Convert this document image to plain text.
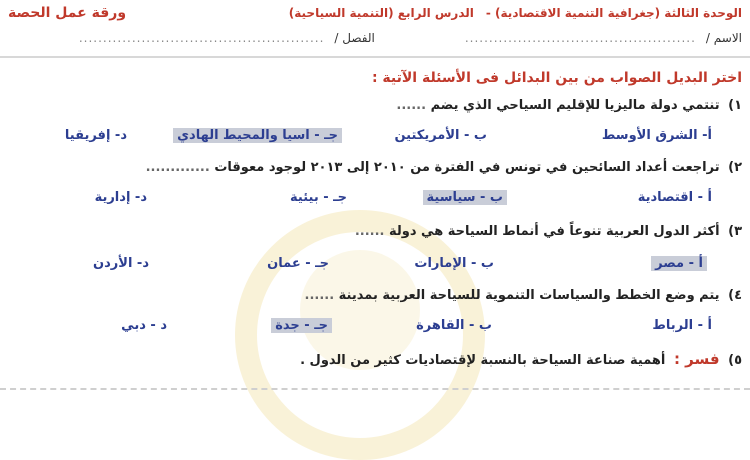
الوحدة الثالثة (جغرافية التنمية الاقتصادية) -
الدرس الرابع (التنمية السياحية)
ورقة عمل الحصة
الاسم /
................................................
الفصل /
...................................................
اختر البديل الصواب من بين البدائل فى الأسئلة الآتية :
١) تنتمي دولة ماليزيا للإقليم السياحي الذي يضم ......
أ- الشرق الأوسط
ب - الأمريكتين
جـ - اسيا والمحيط الهادي
د- إفريقيا
٢) تراجعت أعداد السائحين في تونس في الفترة من ٢٠١٠ إلى ٢٠١٣ لوجود معوقات .............
أ - اقتصادية
ب - سياسية
جـ - بيئية
د- إدارية
٣) أكثر الدول العربية تنوعاً في أنماط السياحة هي دولة ......
أ - مصر
ب - الإمارات
جـ - عمان
د- الأردن
٤) يتم وضع الخطط والسياسات التنموية للسياحة العربية بمدينة ......
أ - الرباط
ب - القاهرة
جـ - جدة
د - دبي
٥) فسر : أهمية صناعة السياحة بالنسبة لإقتصاديات كثير من الدول .
